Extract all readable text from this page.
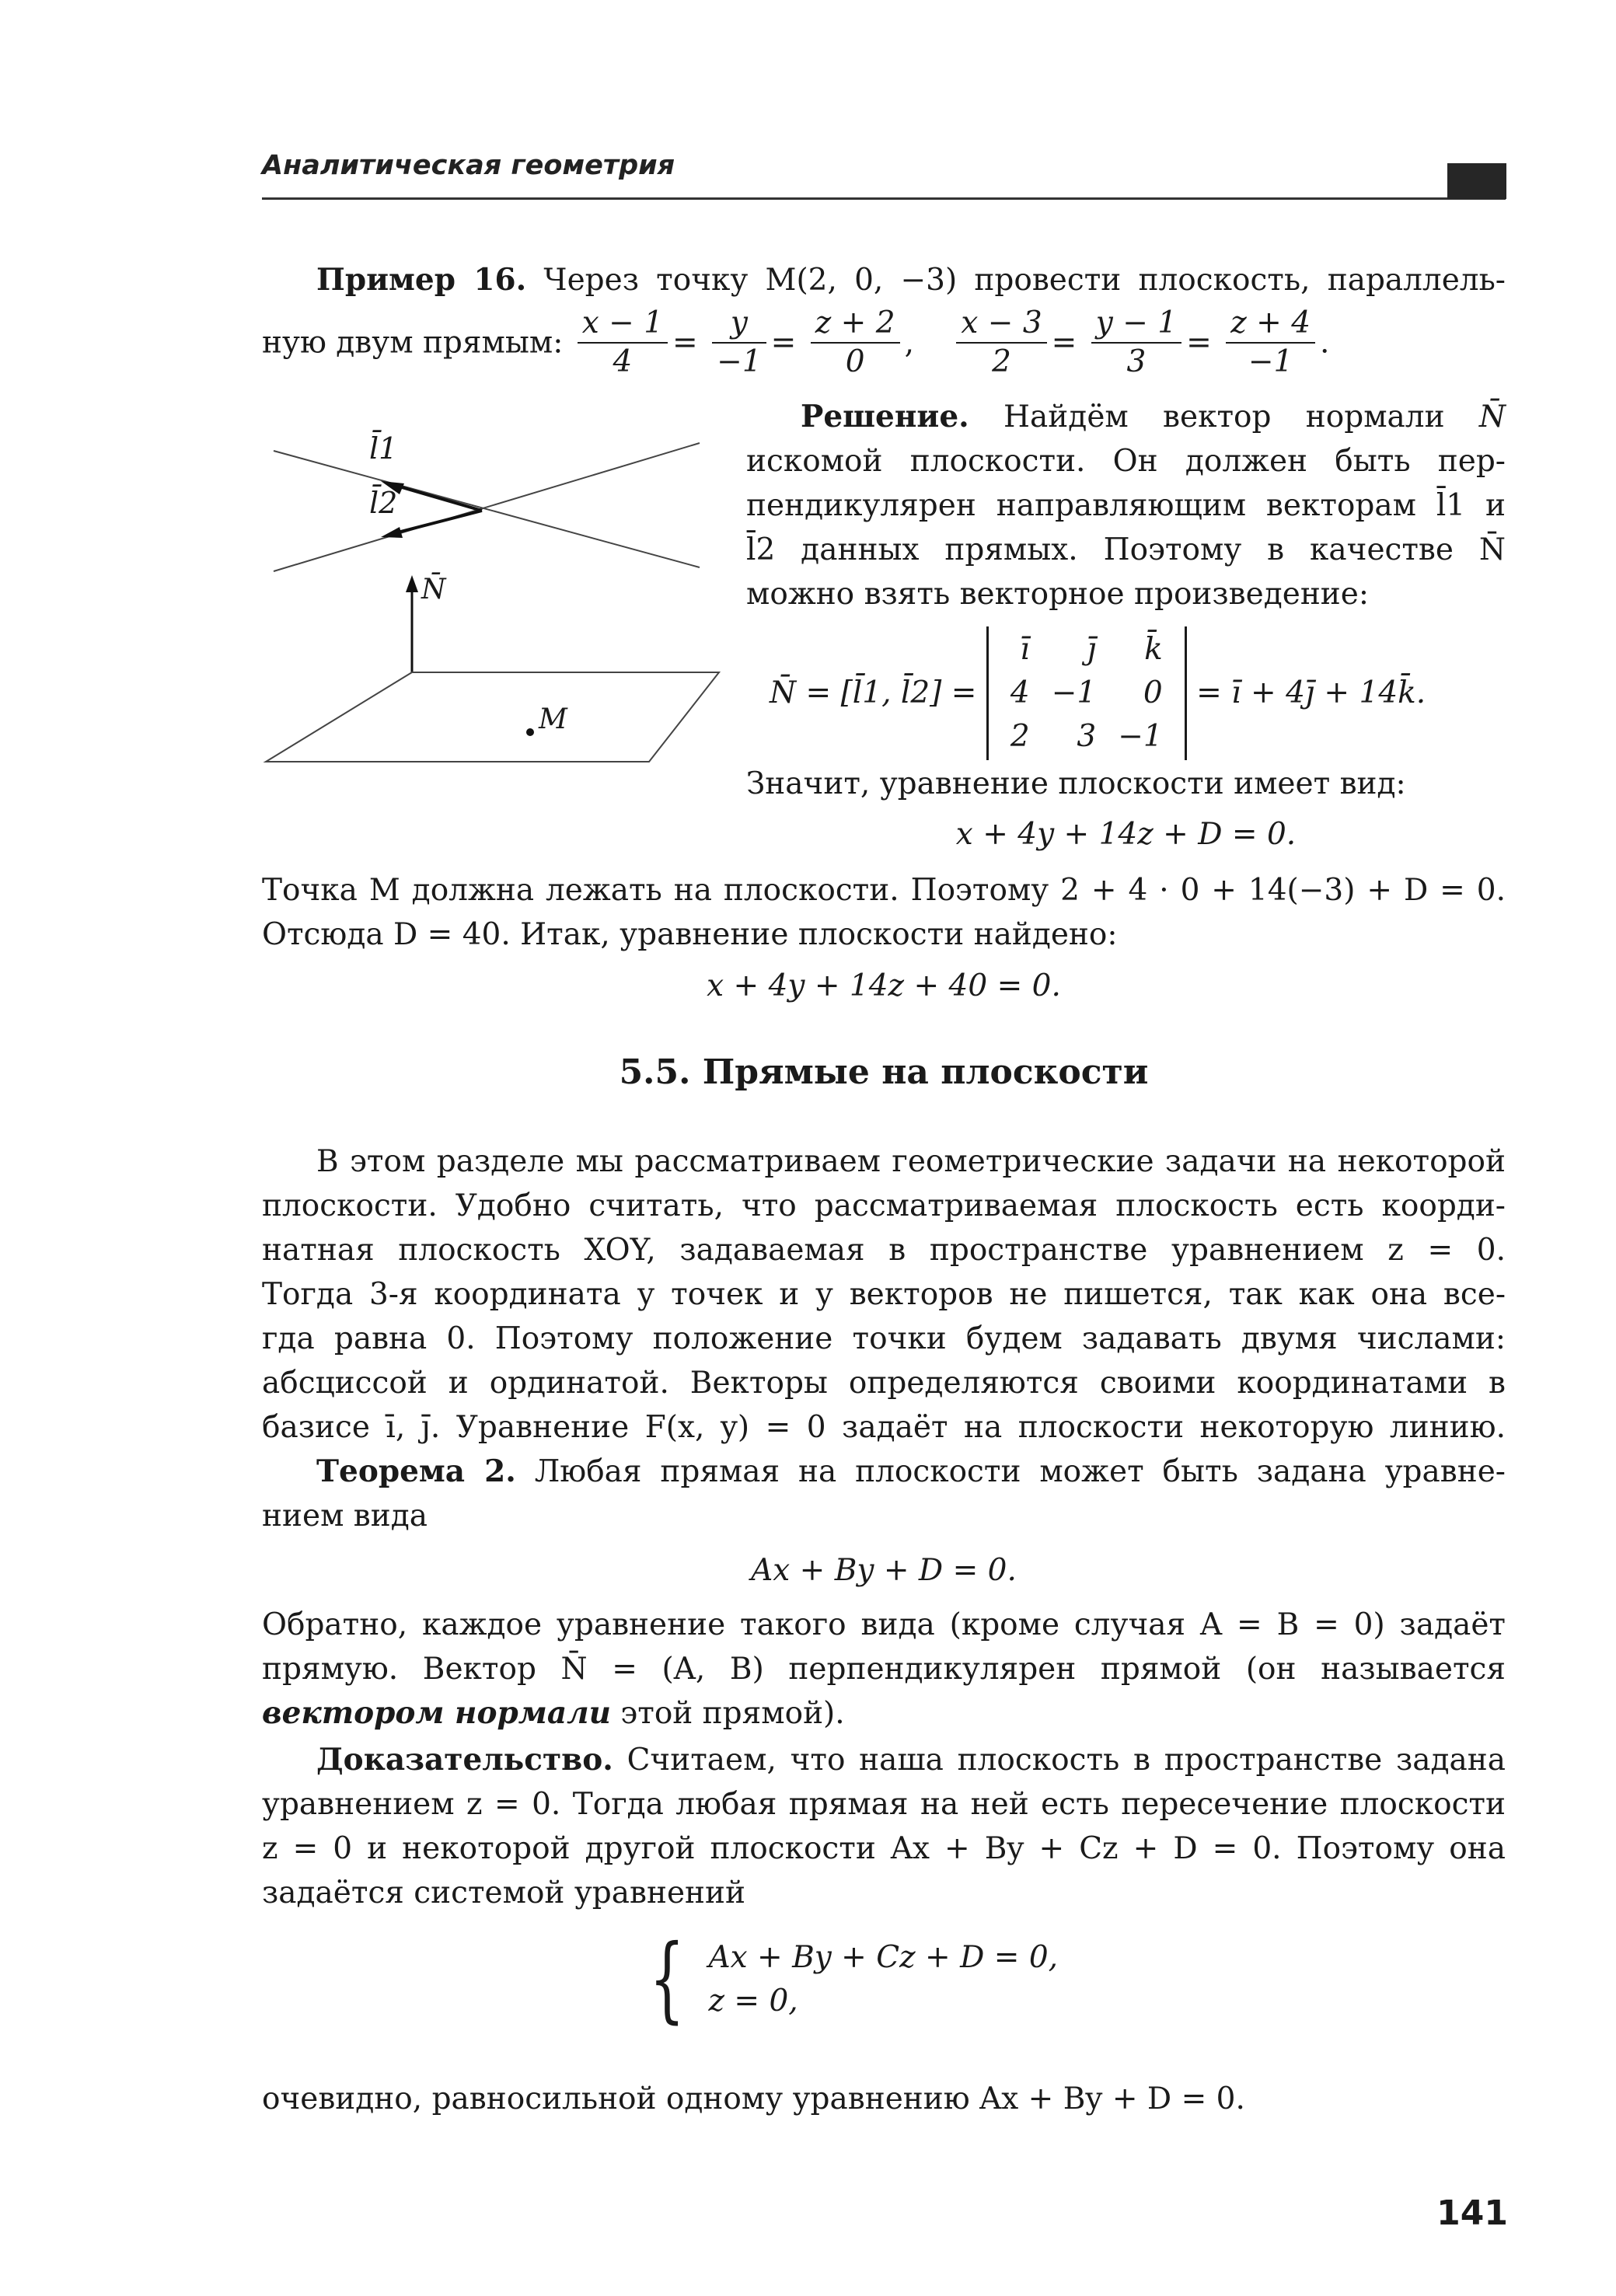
Аналитическая геометрия
Пример 16. Через точку M(2, 0, −3) провести плоскость, параллель-
ную двум прямым: $\frac{x - 1}{4} = \frac{y}{-1} = \frac{z + 2}{0}$ , $\frac{x - 3}{2} = \frac{y - 1}{3} = \frac{z + 4}{-1}$ .
l̄1
l̄2
N̄
M
Решение. Найдём вектор нормали N̄
искомой плоскости. Он должен быть пер-
пендикулярен направляющим векторам l̄1 и
l̄2 данных прямых. Поэтому в качестве N̄
можно взять векторное произведение:
N̄ = [l̄1, l̄2] =
ī	j̄	k̄
4	−1	0
2	3	−1
= ī + 4j̄ + 14k̄.
Значит, уравнение плоскости имеет вид:
x + 4y + 14z + D = 0.
Точка M должна лежать на плоскости. Поэтому 2 + 4 · 0 + 14(−3) + D = 0.
Отсюда D = 40. Итак, уравнение плоскости найдено:
x + 4y + 14z + 40 = 0.
5.5. Прямые на плоскости
В этом разделе мы рассматриваем геометрические задачи на некоторой
плоскости. Удобно считать, что рассматриваемая плоскость есть коорди-
натная плоскость XOY, задаваемая в пространстве уравнением z = 0.
Тогда 3-я координата у точек и у векторов не пишется, так как она все-
гда равна 0. Поэтому положение точки будем задавать двумя числами:
абсциссой и ординатой. Векторы определяются своими координатами в
базисе ī, j̄. Уравнение F(x, y) = 0 задаёт на плоскости некоторую линию.
Теорема 2. Любая прямая на плоскости может быть задана уравне-
нием вида
Ax + By + D = 0.
Обратно, каждое уравнение такого вида (кроме случая A = B = 0) задаёт
прямую. Вектор N̄ = (A, B) перпендикулярен прямой (он называется
вектором нормали этой прямой).
Доказательство. Считаем, что наша плоскость в пространстве задана
уравнением z = 0. Тогда любая прямая на ней есть пересечение плоскости
z = 0 и некоторой другой плоскости Ax + By + Cz + D = 0. Поэтому она
задаётся системой уравнений
{ Ax + By + Cz + D = 0,
z = 0,
очевидно, равносильной одному уравнению Ax + By + D = 0.
141
